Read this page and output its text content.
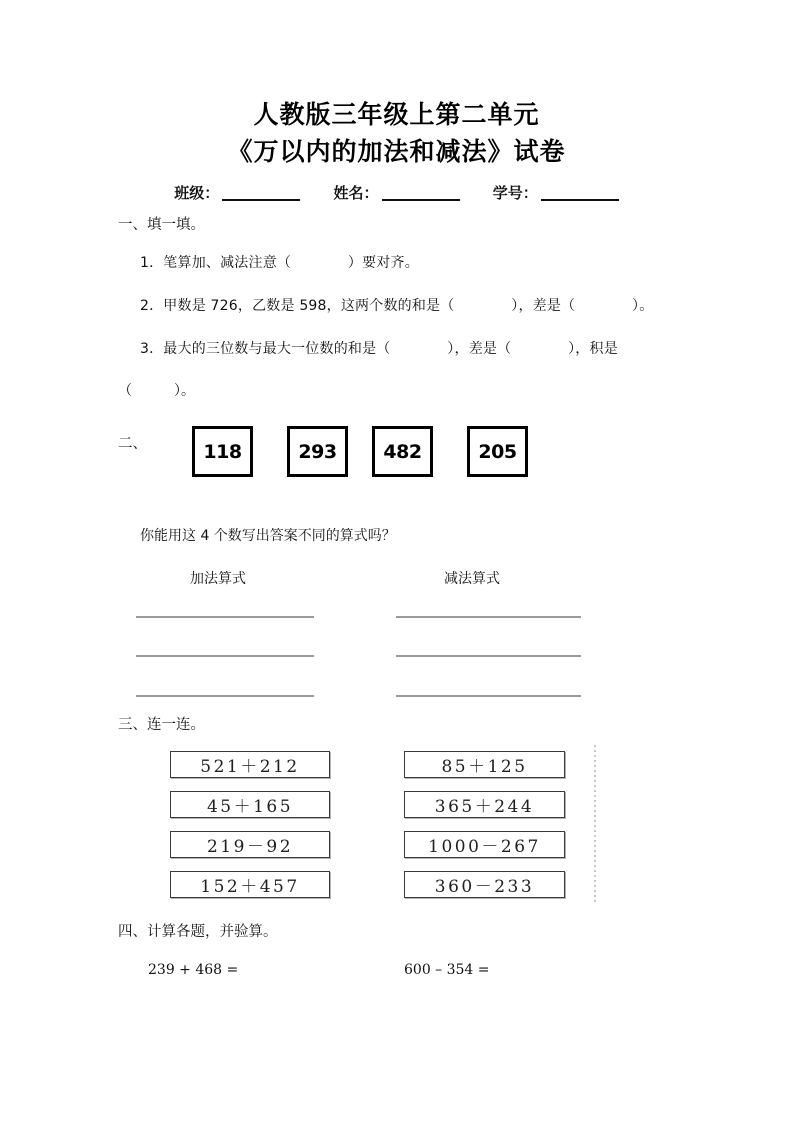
人教版三年级上第二单元
《万以内的加法和减法》试卷
班级：	姓名：	学号：
一、填一填。
1．笔算加、减法注意（　　　　）要对齐。
2．甲数是 726，乙数是 598，这两个数的和是（　　　　），差是（　　　　）。
3．最大的三位数与最大一位数的和是（　　　　），差是（　　　　），积是
（　　　）。
二、	118	293	482	205
你能用这 4 个数写出答案不同的算式吗？
加法算式	减法算式
三、连一连。
521＋212
45＋165
219－92
152＋457
85＋125
365＋244
1000－267
360－233
四、计算各题，并验算。
239 + 468 =	600 – 354 =
